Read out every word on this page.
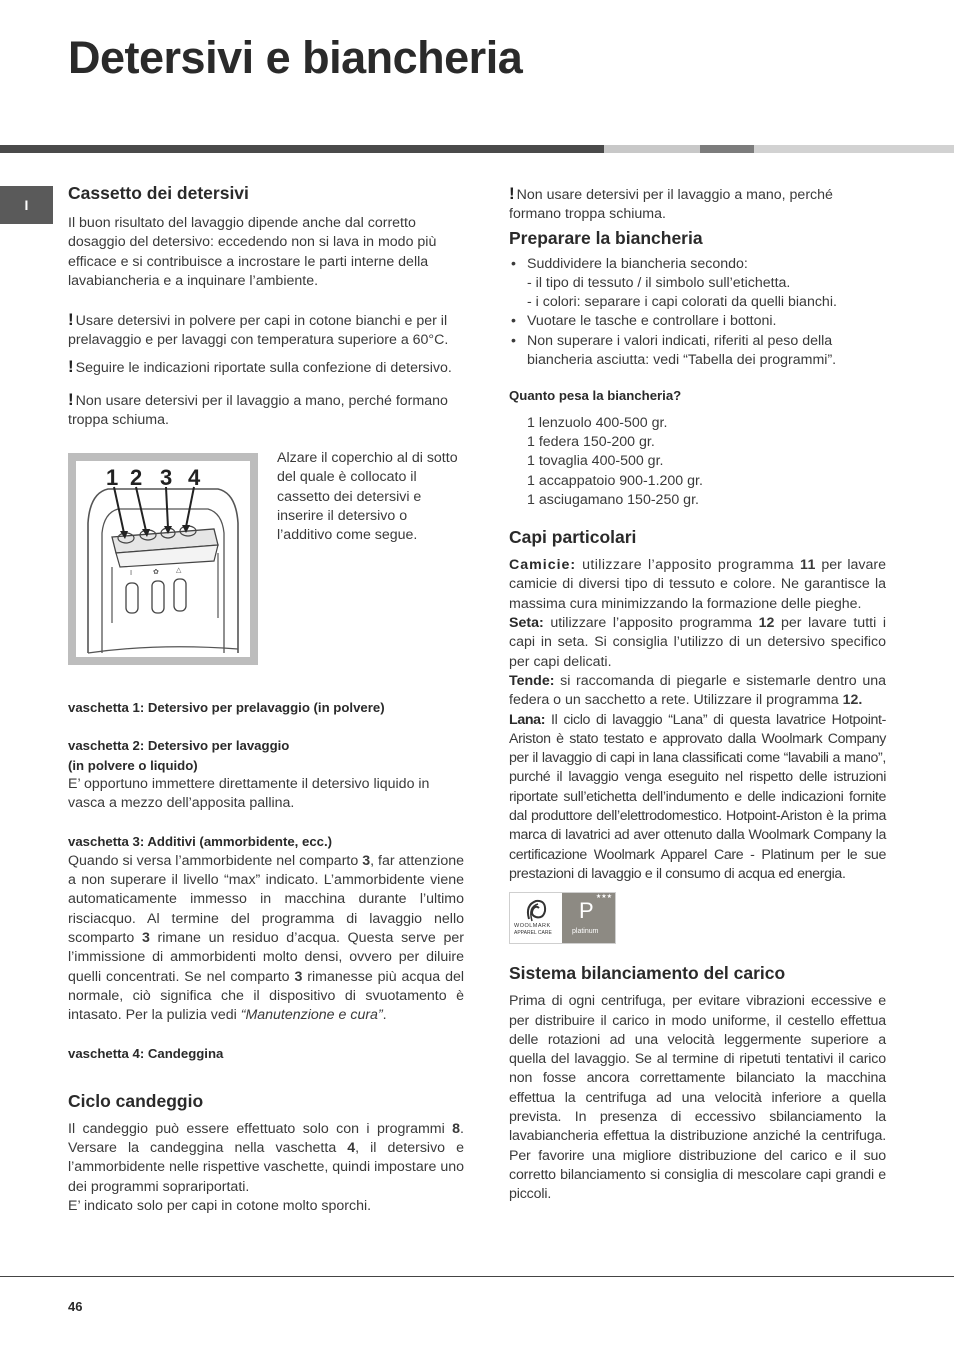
Detersivi e biancheria
I
Cassetto dei detersivi

Il buon risultato del lavaggio dipende anche dal corretto dosaggio del detersivo: eccedendo non si lava in modo più efficace e si contribuisce a incrostare le parti interne della lavabiancheria e a inquinare l’ambiente.

! Usare detersivi in polvere per capi in cotone bianchi e per il prelavaggio e per lavaggi con temperatura superiore a 60°C.

! Seguire le indicazioni riportate sulla confezione di detersivo.

! Non usare detersivi per il lavaggio a mano, perché formano troppa schiuma.

I	✿ △
1 2 3 4

Alzare il coperchio al di sotto del quale è collocato il cassetto dei detersivi e inserire il detersivo o l’additivo come segue.

vaschetta 1: Detersivo per prelavaggio (in polvere)
vaschetta 2: Detersivo per lavaggio
(in polvere o liquido)

E’ opportuno immettere direttamente il detersivo liquido in vasca a mezzo dell’apposita pallina.

vaschetta 3: Additivi (ammorbidente, ecc.)

Quando si versa l’ammorbidente nel comparto 3, far attenzione a non superare il livello “max” indicato. L’ammorbidente viene automaticamente immesso in macchina durante l’ultimo risciacquo. Al termine del programma di lavaggio nello scomparto 3 rimane un residuo d’acqua. Questa serve per l’immissione di ammorbidenti molto densi, ovvero per diluire quelli concentrati. Se nel comparto 3 rimanesse più acqua del normale, ciò significa che il dispositivo di svuotamento è intasato. Per la pulizia vedi “Manutenzione e cura”.

vaschetta 4: Candeggina
Ciclo candeggio

Il candeggio può essere effettuato solo con i programmi 8. Versare la candeggina nella vaschetta 4, il detersivo e l’ammorbidente nelle rispettive vaschette, quindi impostare uno dei programmi soprariportati.

E’ indicato solo per capi in cotone molto sporchi.

! Non usare detersivi per il lavaggio a mano, perché formano troppa schiuma.

Preparare la biancheria
• Suddividere la biancheria secondo:
- il tipo di tessuto / il simbolo sull’etichetta.
- i colori: separare i capi colorati da quelli bianchi.
• Vuotare le tasche e controllare i bottoni.
• Non superare i valori indicati, riferiti al peso della biancheria asciutta: vedi “Tabella dei programmi”.
Quanto pesa la biancheria?

1 lenzuolo 400-500 gr.

1 federa 150-200 gr.

1 tovaglia 400-500 gr.

1 accappatoio 900-1.200 gr.

1 asciugamano 150-250 gr.

Capi particolari

Camicie: utilizzare l’apposito programma 11 per lavare camicie di diversi tipo di tessuto e colore. Ne garantisce la massima cura minimizzando la formazione delle pieghe.

Seta: utilizzare l’apposito programma 12 per lavare tutti i capi in seta. Si consiglia l’utilizzo di un detersivo specifico per capi delicati.

Tende: si raccomanda di piegarle e sistemarle dentro una federa o un sacchetto a rete. Utilizzare il programma 12.

Lana: Il ciclo di lavaggio “Lana” di questa lavatrice Hotpoint-Ariston è stato testato e approvato dalla Woolmark Company per il lavaggio di capi in lana classificati come “lavabili a mano”, purché il lavaggio venga eseguito nel rispetto delle istruzioni riportate sull’etichetta dell’indumento e delle indicazioni fornite dal produttore dell’elettrodomestico. Hotpoint-Ariston è la prima marca di lavatrici ad aver ottenuto dalla Woolmark Company la certificazione Woolmark Apparel Care - Platinum per le sue prestazioni di lavaggio e il consumo di acqua ed energia.

WOOLMARK
APPAREL CARE
★★★
P
platinum
Sistema bilanciamento del carico

Prima di ogni centrifuga, per evitare vibrazioni eccessive e per distribuire il carico in modo uniforme, il cestello effettua delle rotazioni ad una velocità leggermente superiore a quella del lavaggio. Se al termine di ripetuti tentativi il carico non fosse ancora correttamente bilanciato la macchina effettua la centrifuga ad una velocità inferiore a quella prevista. In presenza di eccessivo sbilanciamento la lavabiancheria effettua la distribuzione anziché la centrifuga. Per favorire una migliore distribuzione del carico e il suo corretto bilanciamento si consiglia di mescolare capi grandi e piccoli.

46
